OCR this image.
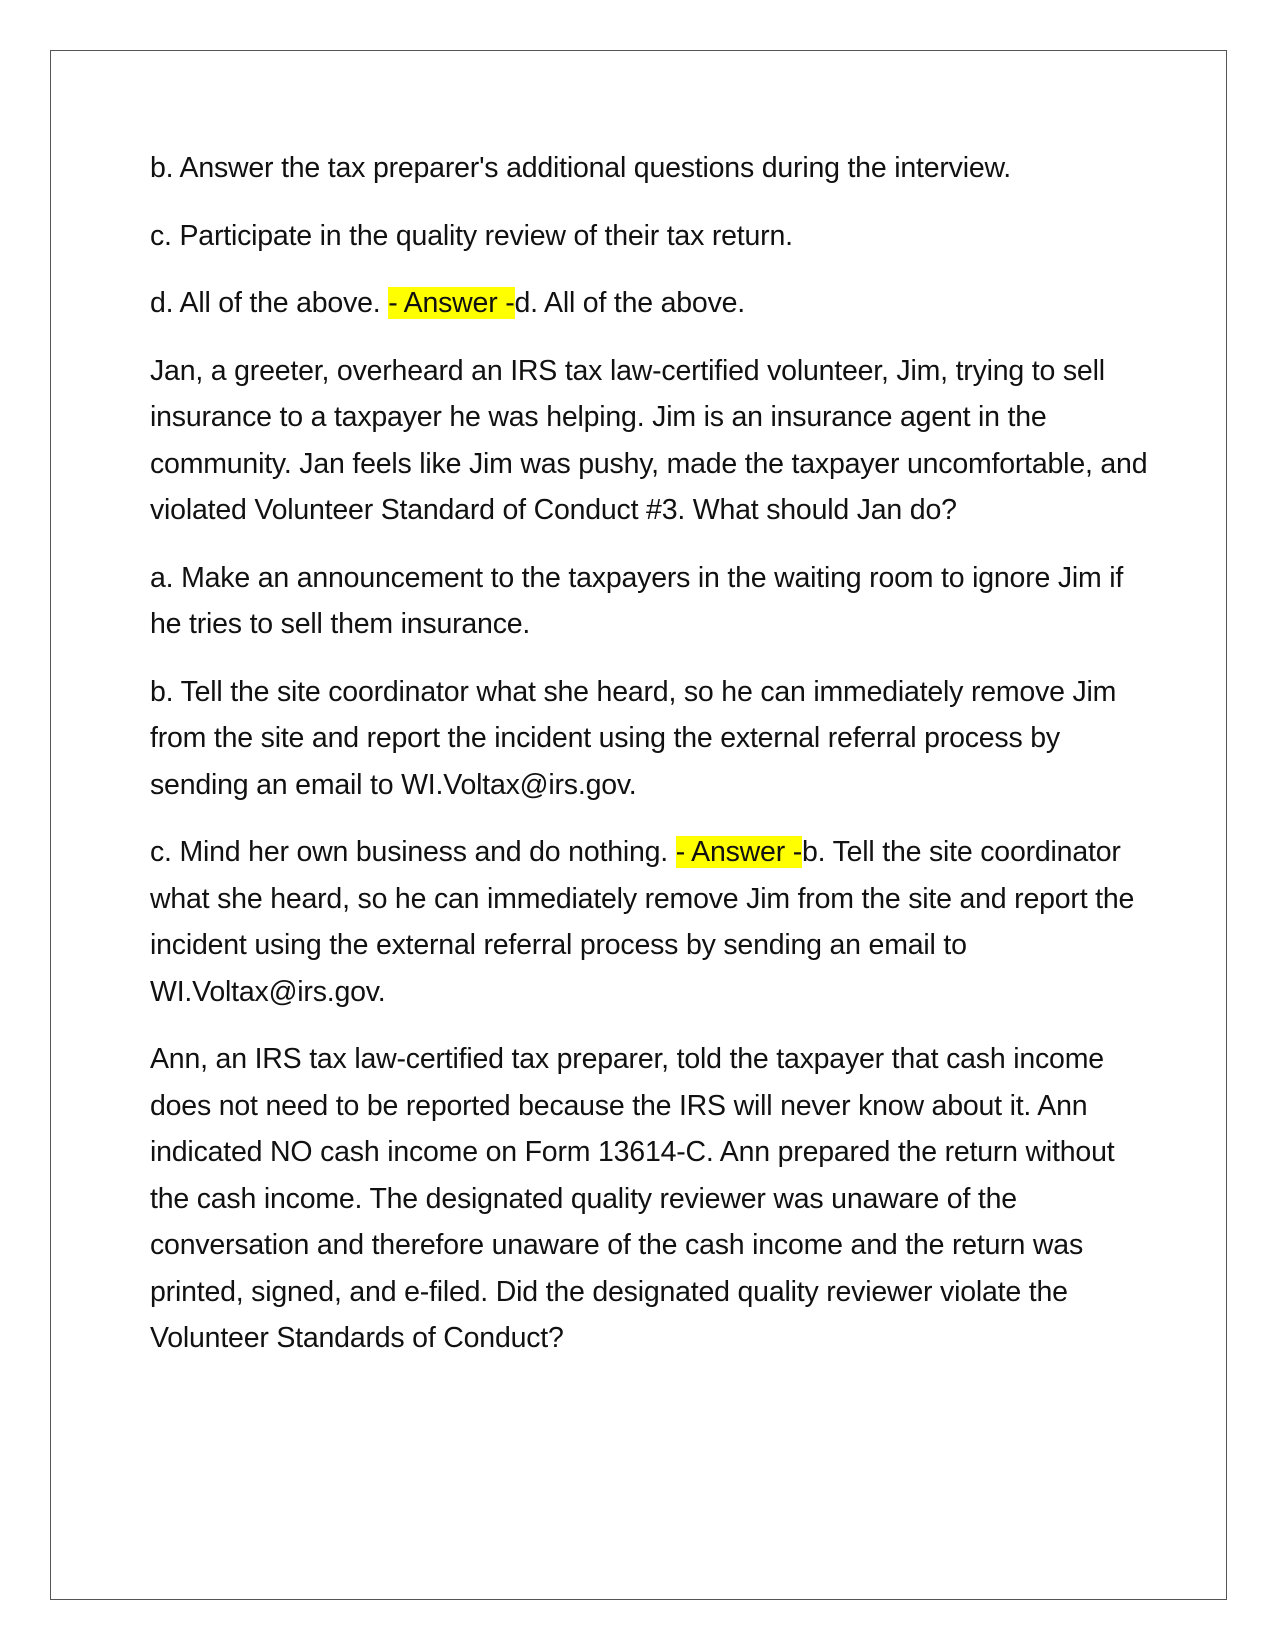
b. Answer the tax preparer's additional questions during the interview.

c. Participate in the quality review of their tax return.

d. All of the above. - Answer -d. All of the above.

Jan, a greeter, overheard an IRS tax law-certified volunteer, Jim, trying to sell insurance to a taxpayer he was helping. Jim is an insurance agent in the community. Jan feels like Jim was pushy, made the taxpayer uncomfortable, and violated Volunteer Standard of Conduct #3. What should Jan do?

a. Make an announcement to the taxpayers in the waiting room to ignore Jim if he tries to sell them insurance.

b. Tell the site coordinator what she heard, so he can immediately remove Jim from the site and report the incident using the external referral process by sending an email to WI.Voltax@irs.gov.

c. Mind her own business and do nothing. - Answer -b. Tell the site coordinator what she heard, so he can immediately remove Jim from the site and report the incident using the external referral process by sending an email to WI.Voltax@irs.gov.

Ann, an IRS tax law-certified tax preparer, told the taxpayer that cash income does not need to be reported because the IRS will never know about it. Ann indicated NO cash income on Form 13614-C. Ann prepared the return without the cash income. The designated quality reviewer was unaware of the conversation and therefore unaware of the cash income and the return was printed, signed, and e-filed. Did the designated quality reviewer violate the Volunteer Standards of Conduct?
